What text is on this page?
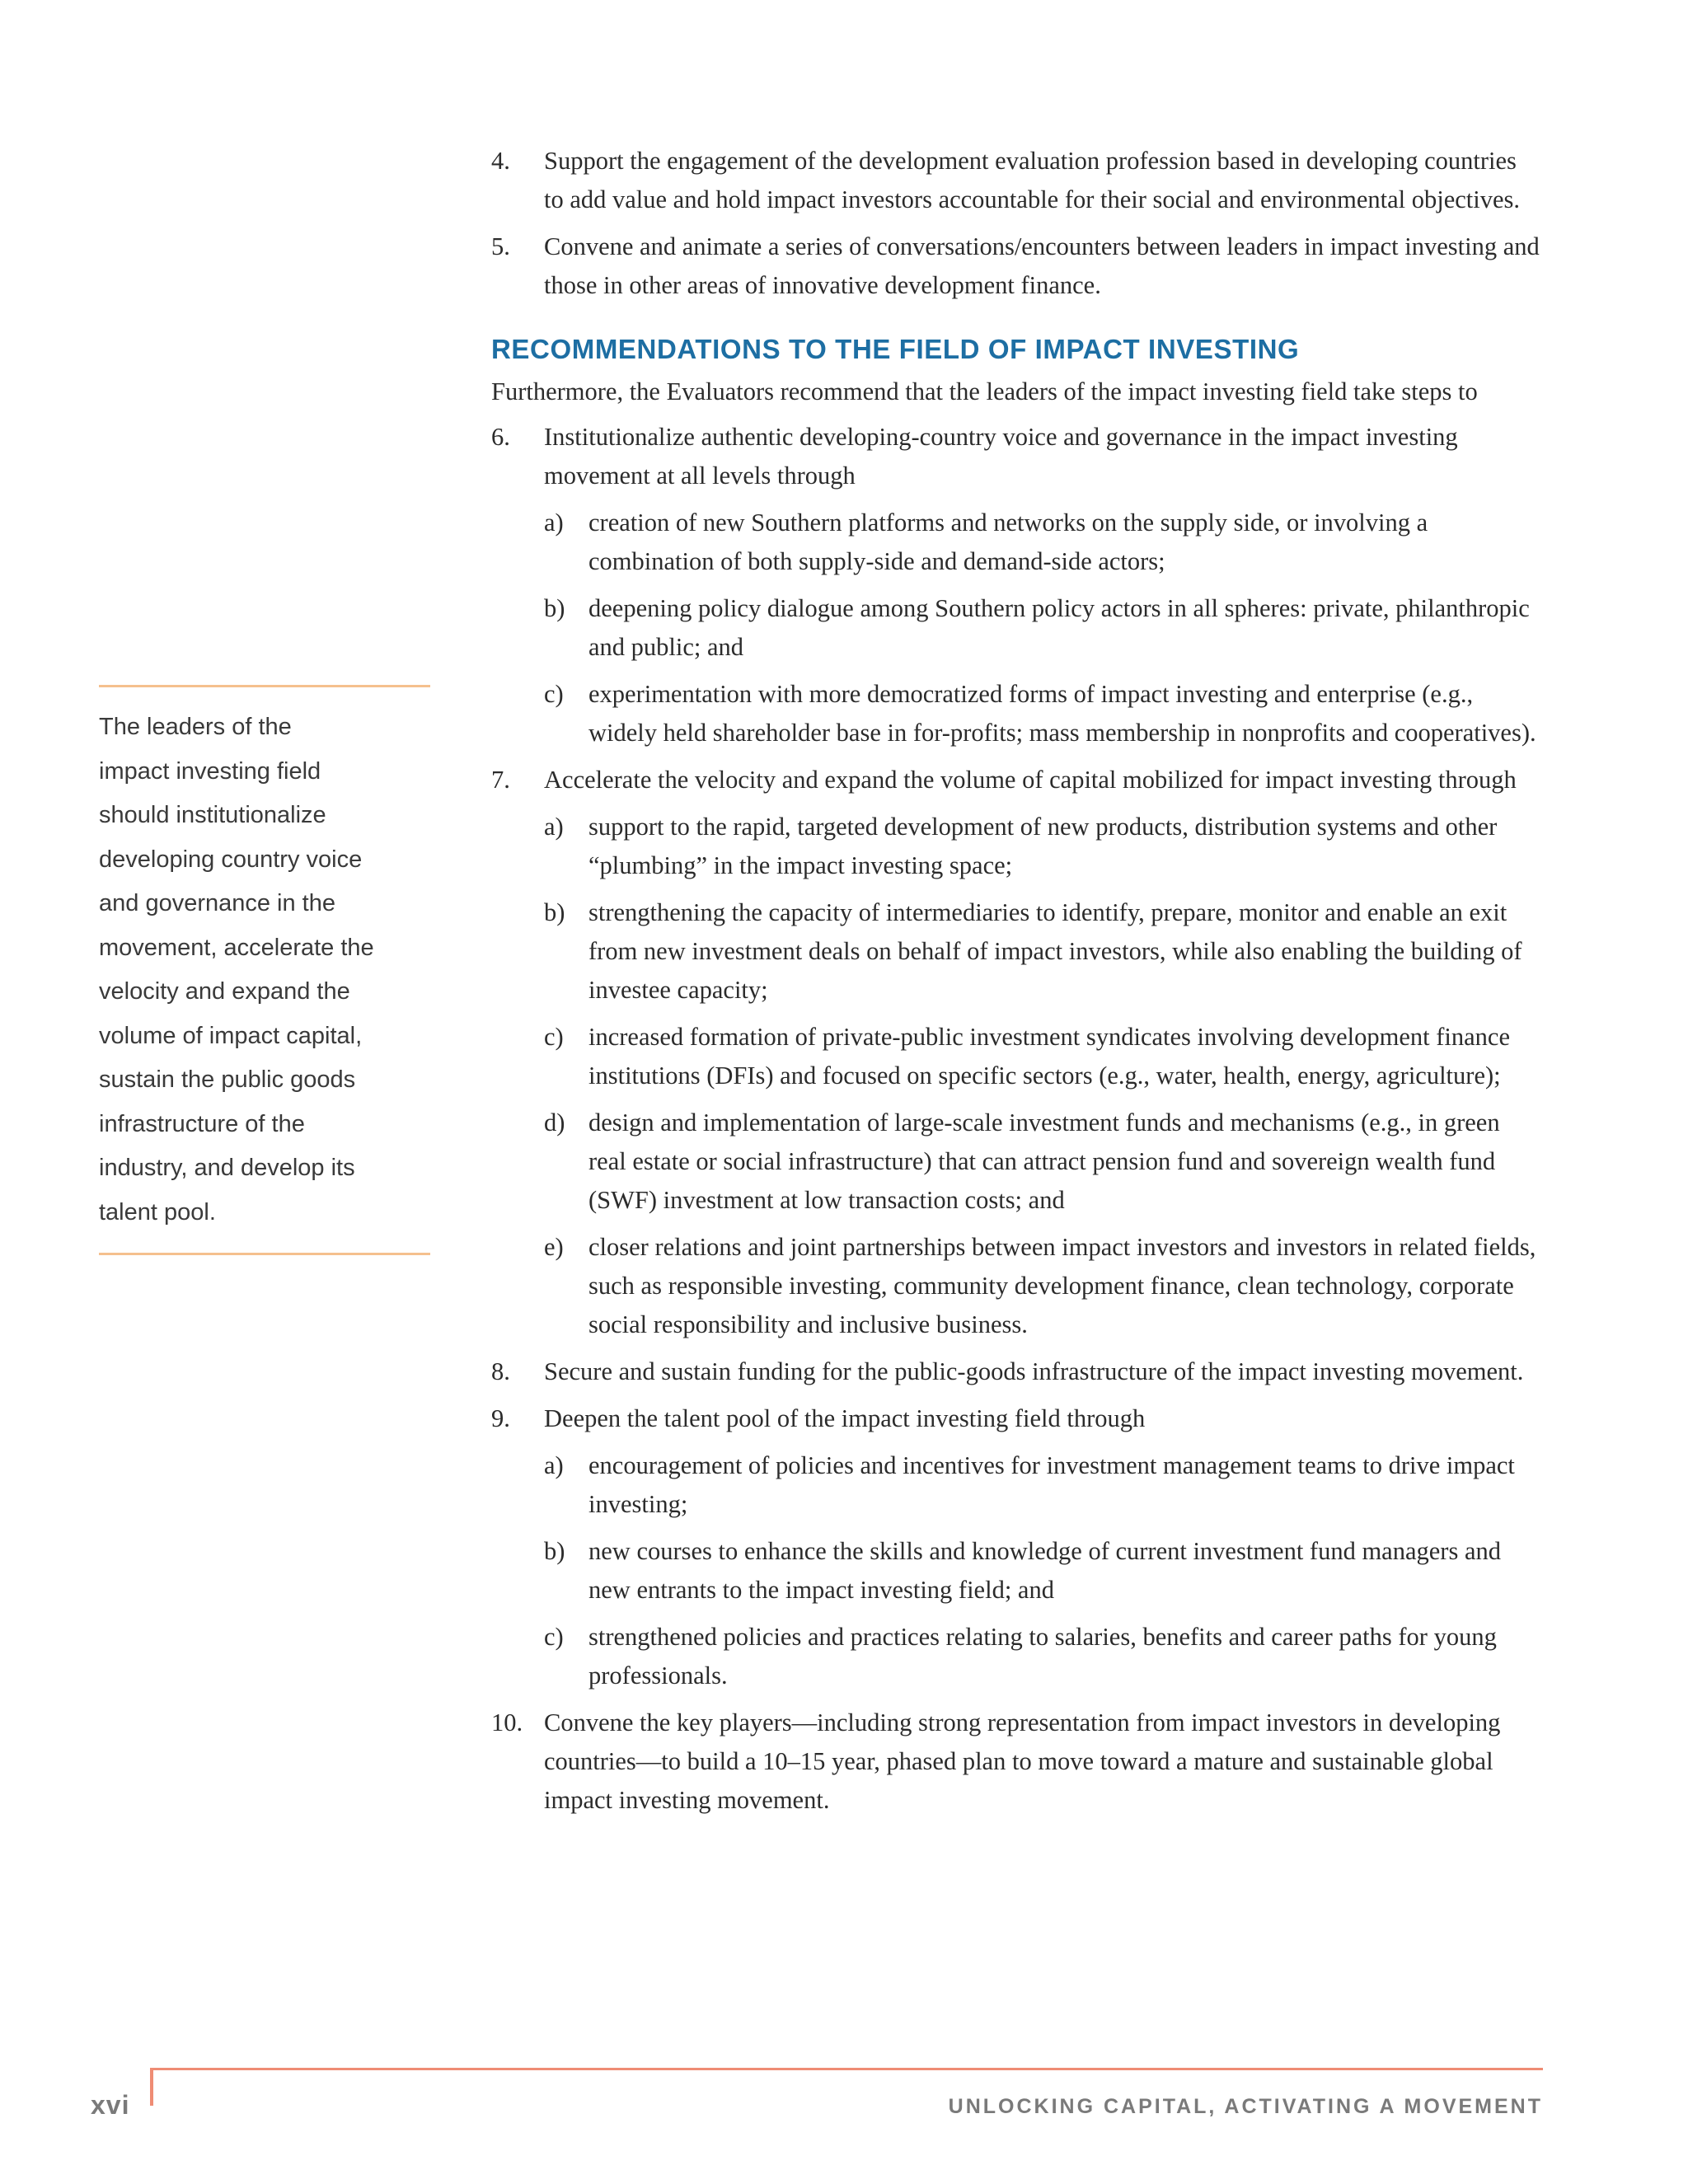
4. Support the engagement of the development evaluation profession based in developing countries to add value and hold impact investors accountable for their social and environmental objectives.
5. Convene and animate a series of conversations/encounters between leaders in impact investing and those in other areas of innovative development finance.
RECOMMENDATIONS TO THE FIELD OF IMPACT INVESTING
Furthermore, the Evaluators recommend that the leaders of the impact investing field take steps to
6. Institutionalize authentic developing-country voice and governance in the impact investing movement at all levels through
a) creation of new Southern platforms and networks on the supply side, or involving a combination of both supply-side and demand-side actors;
b) deepening policy dialogue among Southern policy actors in all spheres: private, philanthropic and public; and
c) experimentation with more democratized forms of impact investing and enterprise (e.g., widely held shareholder base in for-profits; mass membership in nonprofits and cooperatives).
7. Accelerate the velocity and expand the volume of capital mobilized for impact investing through
a) support to the rapid, targeted development of new products, distribution systems and other “plumbing” in the impact investing space;
b) strengthening the capacity of intermediaries to identify, prepare, monitor and enable an exit from new investment deals on behalf of impact investors, while also enabling the building of investee capacity;
c) increased formation of private-public investment syndicates involving development finance institutions (DFIs) and focused on specific sectors (e.g., water, health, energy, agriculture);
d) design and implementation of large-scale investment funds and mechanisms (e.g., in green real estate or social infrastructure) that can attract pension fund and sovereign wealth fund (SWF) investment at low transaction costs; and
e) closer relations and joint partnerships between impact investors and investors in related fields, such as responsible investing, community development finance, clean technology, corporate social responsibility and inclusive business.
8. Secure and sustain funding for the public-goods infrastructure of the impact investing movement.
9. Deepen the talent pool of the impact investing field through
a) encouragement of policies and incentives for investment management teams to drive impact investing;
b) new courses to enhance the skills and knowledge of current investment fund managers and new entrants to the impact investing field; and
c) strengthened policies and practices relating to salaries, benefits and career paths for young professionals.
10. Convene the key players—including strong representation from impact investors in developing countries—to build a 10–15 year, phased plan to move toward a mature and sustainable global impact investing movement.
The leaders of the
impact investing field
should institutionalize
developing country voice
and governance in the
movement, accelerate the
velocity and expand the
volume of impact capital,
sustain the public goods
infrastructure of the
industry, and develop its
talent pool.
xvi	UNLOCKING CAPITAL, ACTIVATING A MOVEMENT
